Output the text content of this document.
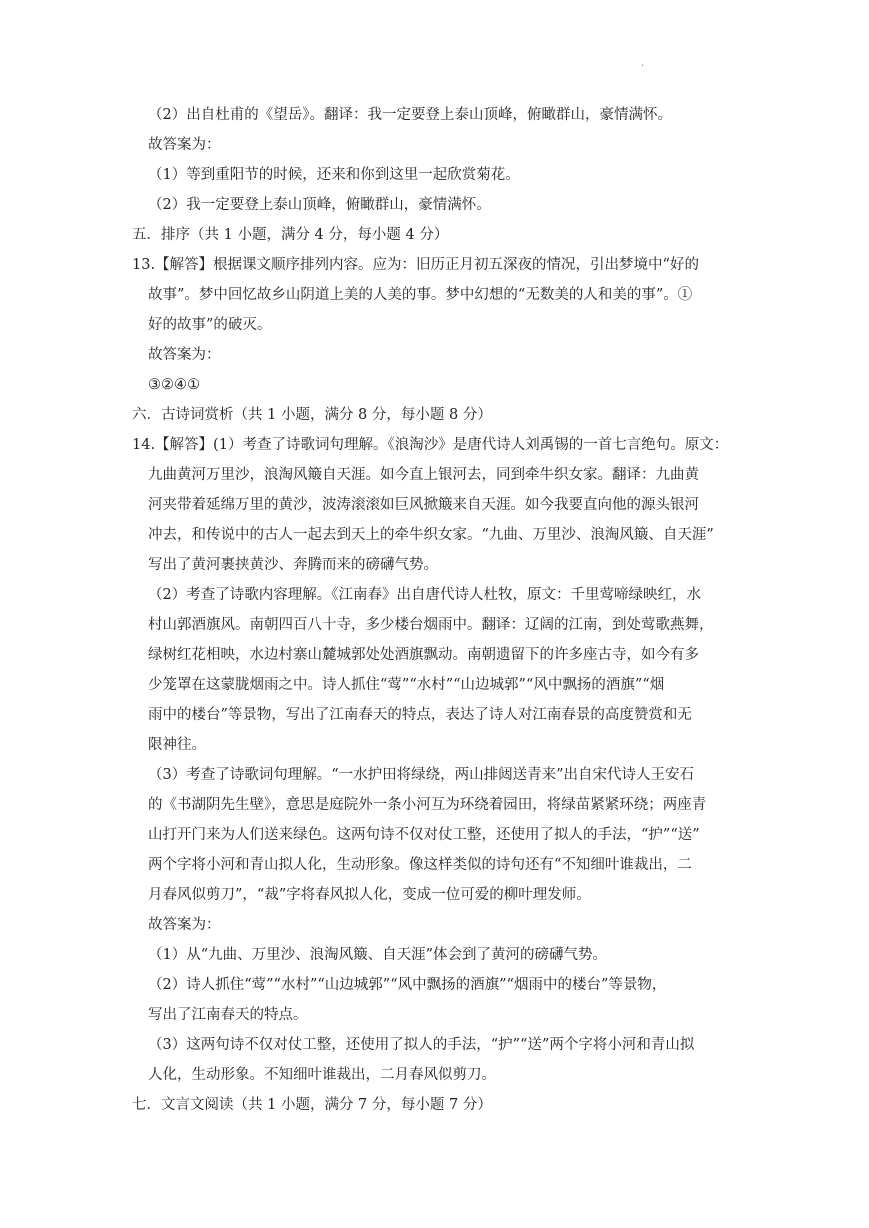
.
（2）出自杜甫的《望岳》。翻译：我一定要登上泰山顶峰，俯瞰群山，豪情满怀。
故答案为：
（1）等到重阳节的时候，还来和你到这里一起欣赏菊花。
（2）我一定要登上泰山顶峰，俯瞰群山，豪情满怀。
五．排序（共 1 小题，满分 4 分，每小题 4 分）
13.【解答】根据课文顺序排列内容。应为：旧历正月初五深夜的情况，引出梦境中“好的
故事”。梦中回忆故乡山阴道上美的人美的事。梦中幻想的“无数美的人和美的事”。①
好的故事”的破灭。
故答案为：
③②④①
六．古诗词赏析（共 1 小题，满分 8 分，每小题 8 分）
14.【解答】(1）考查了诗歌词句理解。《浪淘沙》是唐代诗人刘禹锡的一首七言绝句。原文：
九曲黄河万里沙，浪淘风簸自天涯。如今直上银河去，同到牵牛织女家。翻译：九曲黄
河夹带着延绵万里的黄沙，波涛滚滚如巨风掀簸来自天涯。如今我要直向他的源头银河
冲去，和传说中的古人一起去到天上的牵牛织女家。“九曲、万里沙、浪淘风簸、自天涯”
写出了黄河裹挟黄沙、奔腾而来的磅礴气势。
（2）考查了诗歌内容理解。《江南春》出自唐代诗人杜牧，原文：千里莺啼绿映红，水
村山郭酒旗风。南朝四百八十寺，多少楼台烟雨中。翻译：辽阔的江南，到处莺歌燕舞，
绿树红花相映，水边村寨山麓城郭处处酒旗飘动。南朝遗留下的许多座古寺，如今有多
少笼罩在这蒙胧烟雨之中。诗人抓住“莺”“水村”“山边城郭”“风中飘扬的酒旗”“烟
雨中的楼台”等景物，写出了江南春天的特点，表达了诗人对江南春景的高度赞赏和无
限神往。
（3）考查了诗歌词句理解。“一水护田将绿绕，两山排闼送青来”出自宋代诗人王安石
的《书湖阴先生壁》，意思是庭院外一条小河互为环绕着园田，将绿苗紧紧环绕；两座青
山打开门来为人们送来绿色。这两句诗不仅对仗工整，还使用了拟人的手法，“护”“送”
两个字将小河和青山拟人化，生动形象。像这样类似的诗句还有“不知细叶谁裁出，二
月春风似剪刀”，“裁”字将春风拟人化，变成一位可爱的柳叶理发师。
故答案为：
（1）从“九曲、万里沙、浪淘风簸、自天涯”体会到了黄河的磅礴气势。
（2）诗人抓住“莺”“水村”“山边城郭”“风中飘扬的酒旗”“烟雨中的楼台”等景物，
写出了江南春天的特点。
（3）这两句诗不仅对仗工整，还使用了拟人的手法，“护”“送”两个字将小河和青山拟
人化，生动形象。不知细叶谁裁出，二月春风似剪刀。
七．文言文阅读（共 1 小题，满分 7 分，每小题 7 分）
